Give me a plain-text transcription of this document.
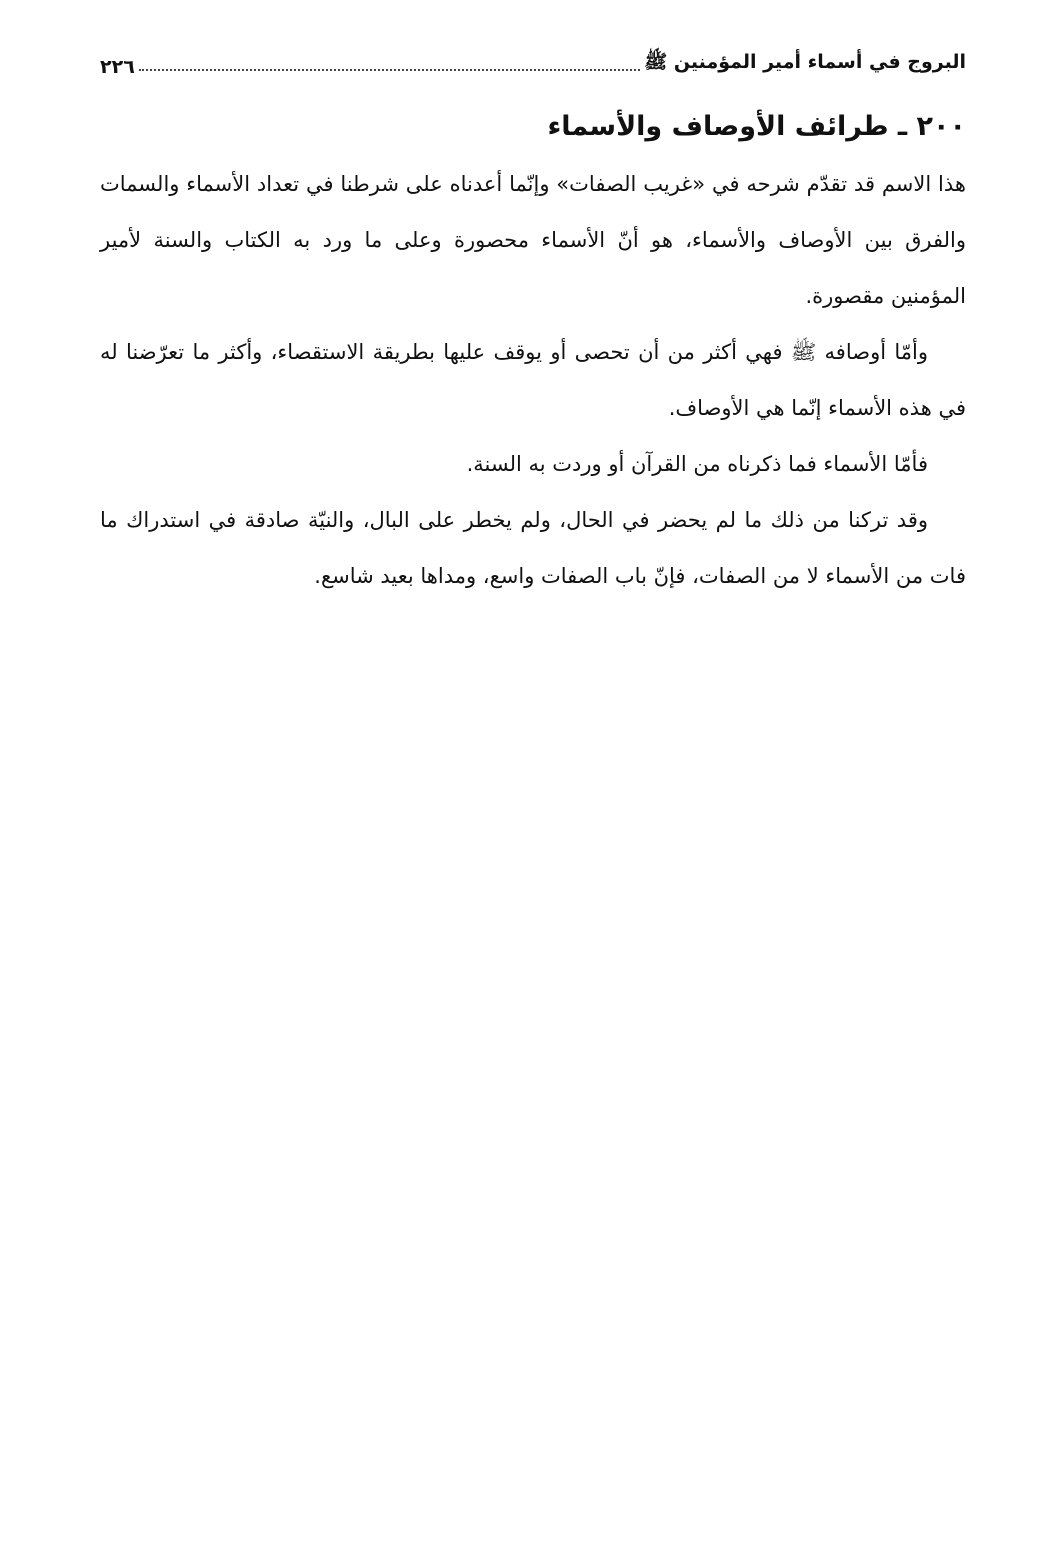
البروج في أسماء أمير المؤمنين ﷺ
٢٢٦
٢٠٠ ـ طرائف الأوصاف والأسماء

هذا الاسم قد تقدّم شرحه في «غريب الصفات» وإنّما أعدناه على شرطنا في تعداد الأسماء والسمات والفرق بين الأوصاف والأسماء، هو أنّ الأسماء محصورة وعلى ما ورد به الكتاب والسنة لأمير المؤمنين مقصورة.

وأمّا أوصافه ﷺ فهي أكثر من أن تحصى أو يوقف عليها بطريقة الاستقصاء، وأكثر ما تعرّضنا له في هذه الأسماء إنّما هي الأوصاف.

فأمّا الأسماء فما ذكرناه من القرآن أو وردت به السنة.

وقد تركنا من ذلك ما لم يحضر في الحال، ولم يخطر على البال، والنيّة صادقة في استدراك ما فات من الأسماء لا من الصفات، فإنّ باب الصفات واسع، ومداها بعيد شاسع.
